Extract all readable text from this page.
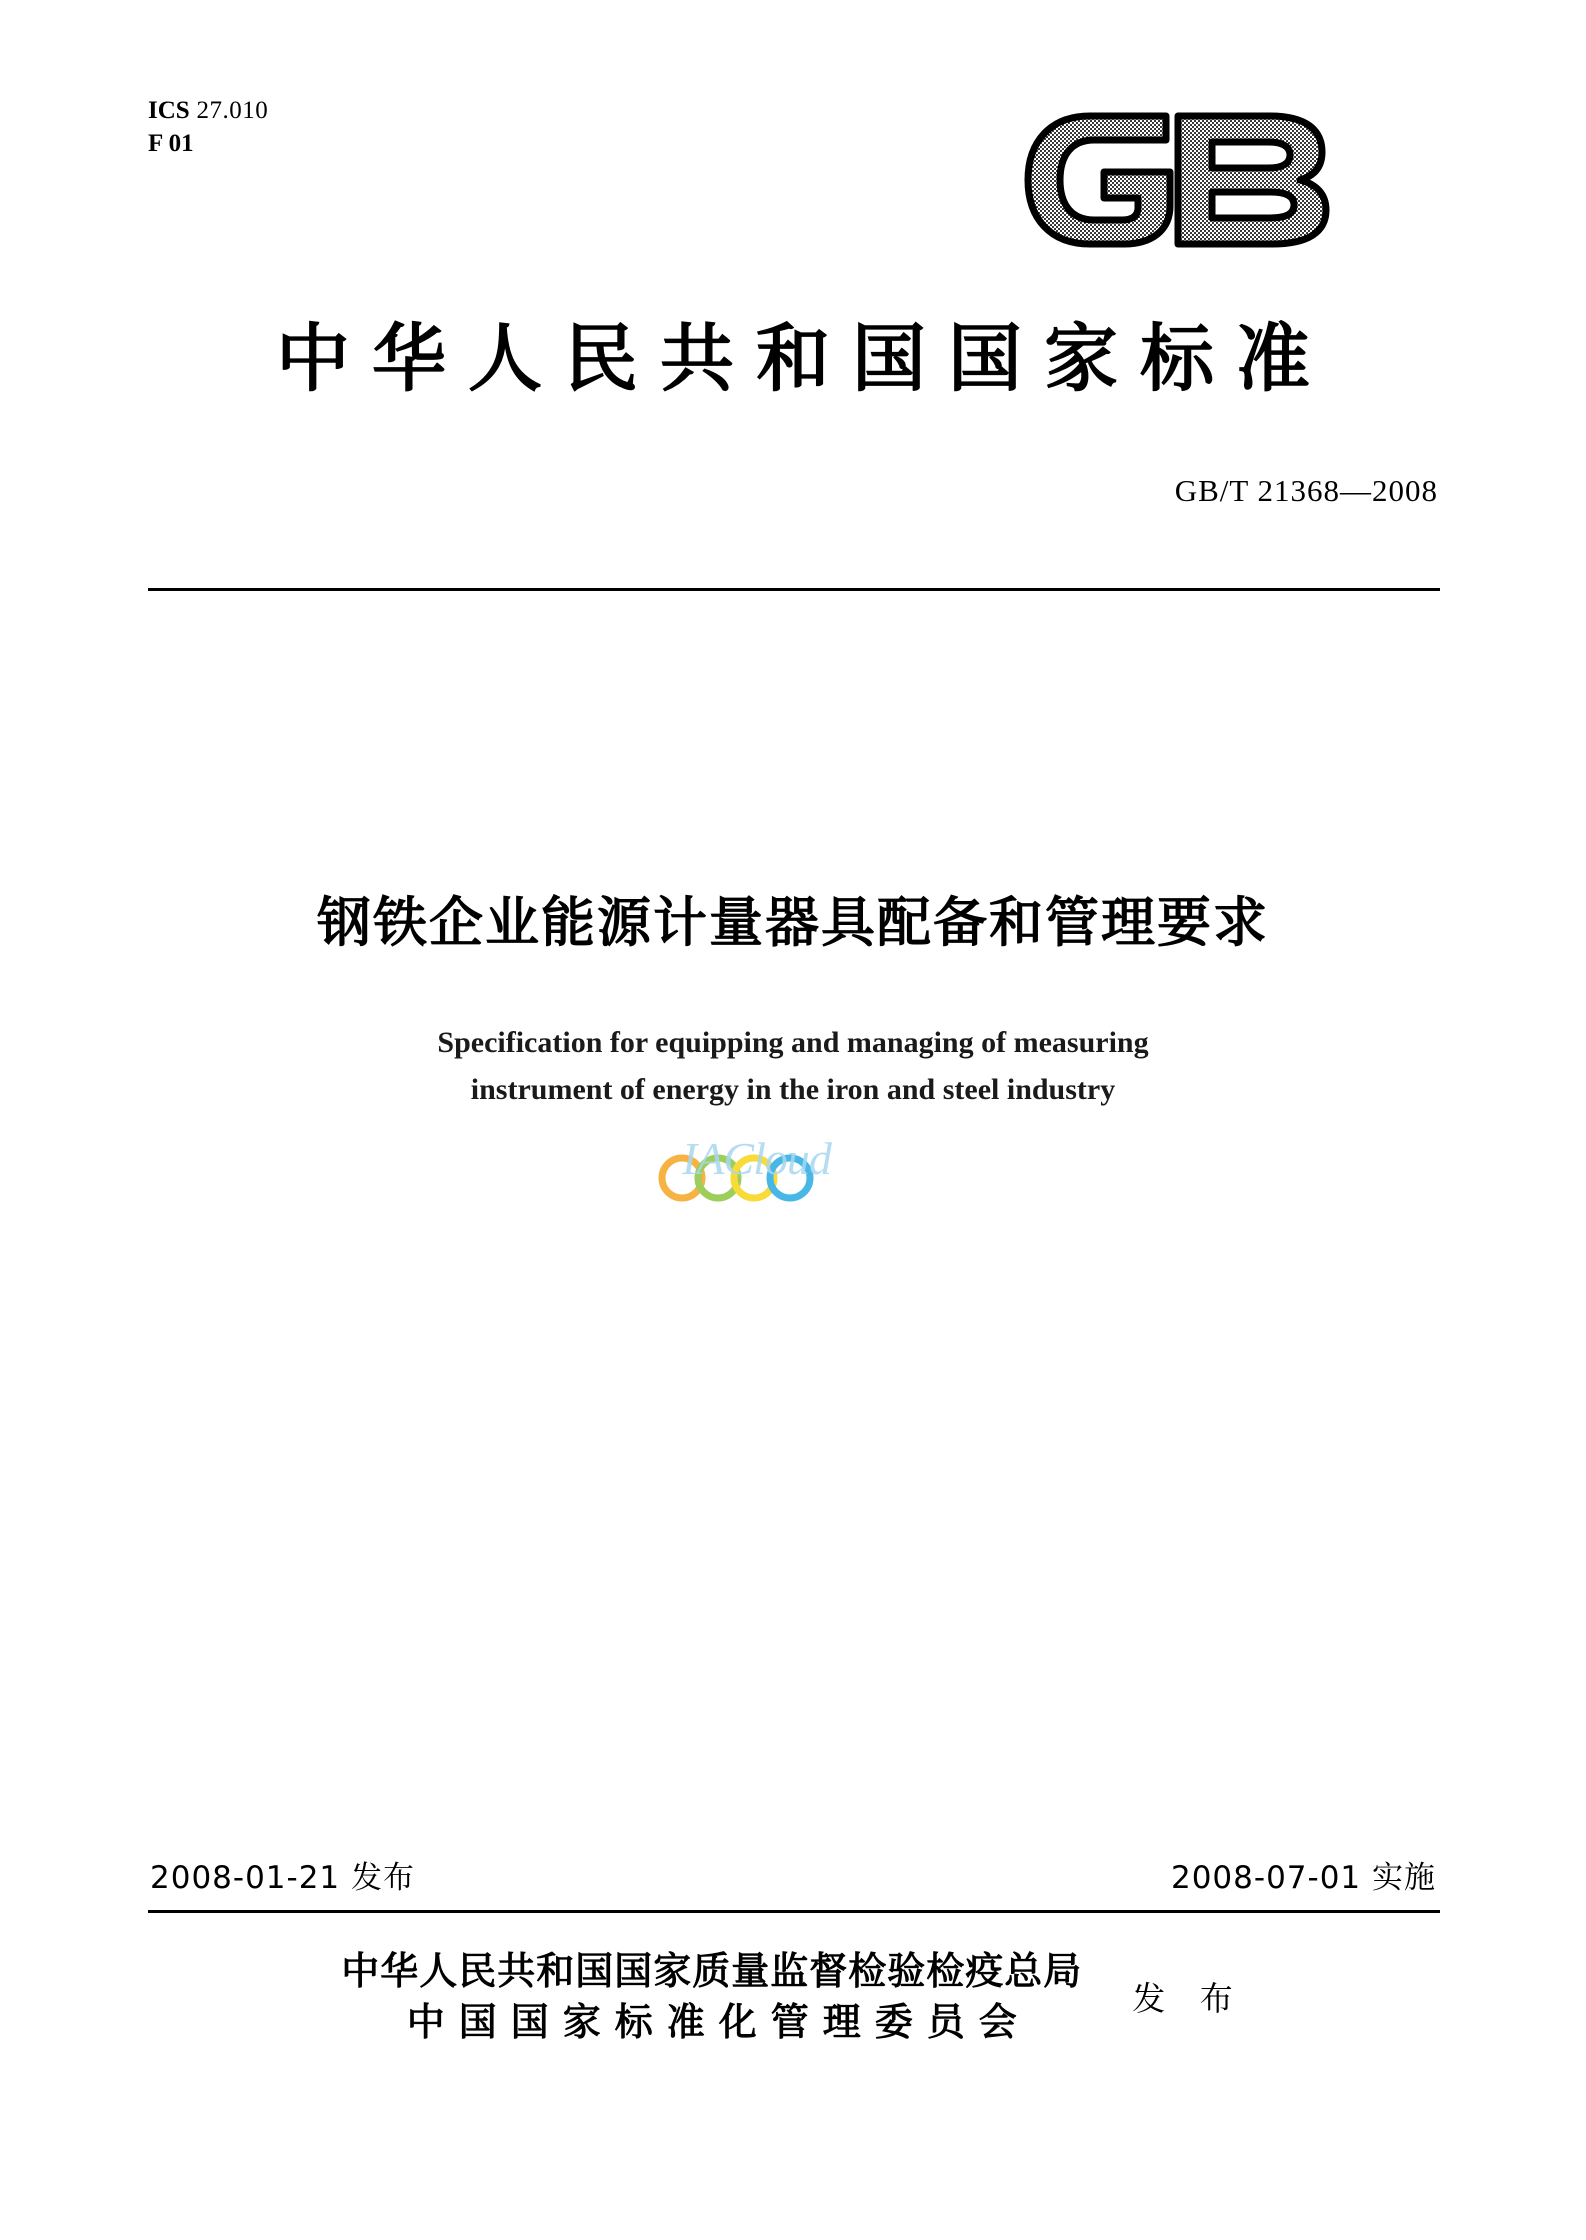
ICS 27.010
F 01
中华人民共和国国家标准
GB/T 21368—2008
钢铁企业能源计量器具配备和管理要求
Specification for equipping and managing of measuring
instrument of energy in the iron and steel industry
IACloud
2008-01-21 发布	2008-07-01 实施
中华人民共和国国家质量监督检验检疫总局
中国国家标准化管理委员会
发 布
